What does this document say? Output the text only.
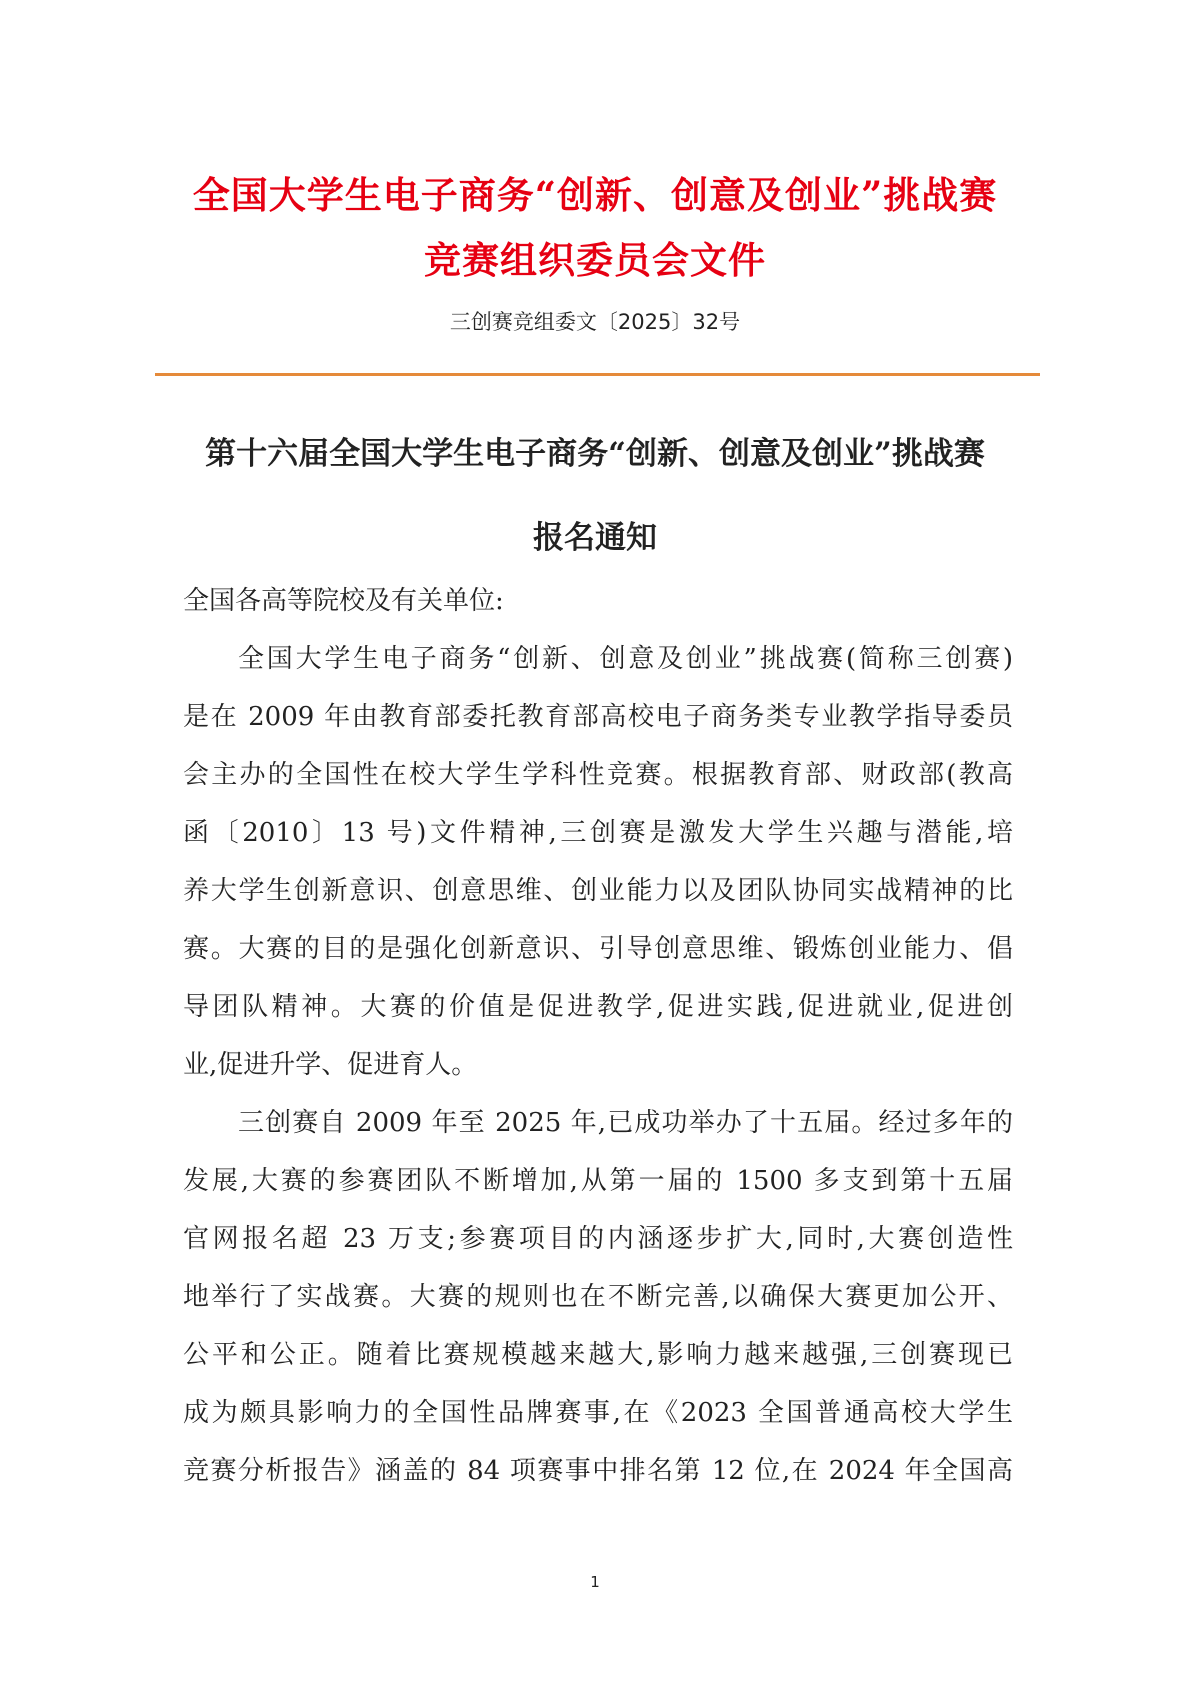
全国大学生电子商务“创新、创意及创业”挑战赛
竞赛组织委员会文件
三创赛竞组委文〔2025〕32号
第十六届全国大学生电子商务“创新、创意及创业”挑战赛
报名通知
全国各高等院校及有关单位:
全国大学生电子商务“创新、创意及创业”挑战赛(简称三创赛)
是在 2009 年由教育部委托教育部高校电子商务类专业教学指导委员
会主办的全国性在校大学生学科性竞赛。根据教育部、财政部(教高
函〔2010〕13 号)文件精神,三创赛是激发大学生兴趣与潜能,培
养大学生创新意识、创意思维、创业能力以及团队协同实战精神的比
赛。大赛的目的是强化创新意识、引导创意思维、锻炼创业能力、倡
导团队精神。大赛的价值是促进教学,促进实践,促进就业,促进创
业,促进升学、促进育人。
三创赛自 2009 年至 2025 年,已成功举办了十五届。经过多年的
发展,大赛的参赛团队不断增加,从第一届的 1500 多支到第十五届
官网报名超 23 万支;参赛项目的内涵逐步扩大,同时,大赛创造性
地举行了实战赛。大赛的规则也在不断完善,以确保大赛更加公开、
公平和公正。随着比赛规模越来越大,影响力越来越强,三创赛现已
成为颇具影响力的全国性品牌赛事,在《2023 全国普通高校大学生
竞赛分析报告》涵盖的 84 项赛事中排名第 12 位,在 2024 年全国高
1
